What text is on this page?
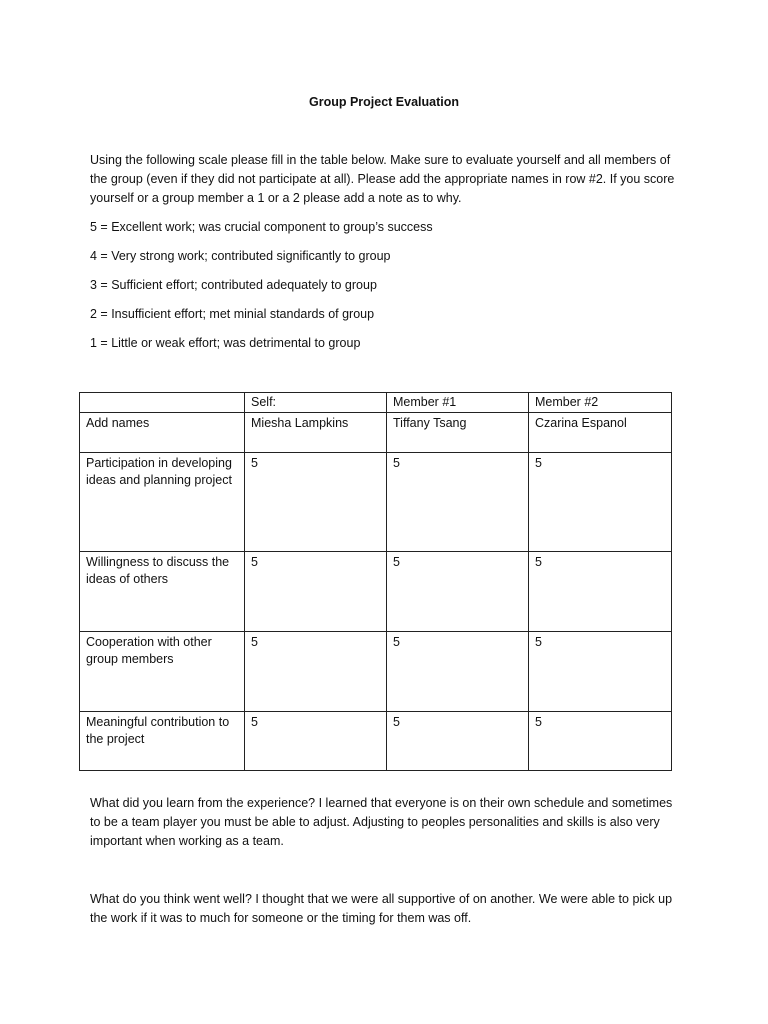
Group Project Evaluation
Using the following scale please fill in the table below. Make sure to evaluate yourself and all members of the group (even if they did not participate at all). Please add the appropriate names in row #2. If you score yourself or a group member a 1 or a 2 please add a note as to why.
5 = Excellent work; was crucial component to group’s success
4 = Very strong work; contributed significantly to group
3 = Sufficient effort; contributed adequately to group
2 = Insufficient effort; met minial standards of group
1 = Little or weak effort; was detrimental to group
	Self:	Member #1	Member #2
Add names	Miesha Lampkins	Tiffany Tsang	Czarina Espanol
Participation in developing ideas and planning project	5	5	5
Willingness to discuss the ideas of others	5	5	5
Cooperation with other group members	5	5	5
Meaningful contribution to the project	5	5	5
What did you learn from the experience? I learned that everyone is on their own schedule and sometimes to be a team player you must be able to adjust. Adjusting to peoples personalities and skills is also very important when working as a team.
What do you think went well? I thought that we were all supportive of on another. We were able to pick up the work if it was to much for someone or the timing for them was off.
